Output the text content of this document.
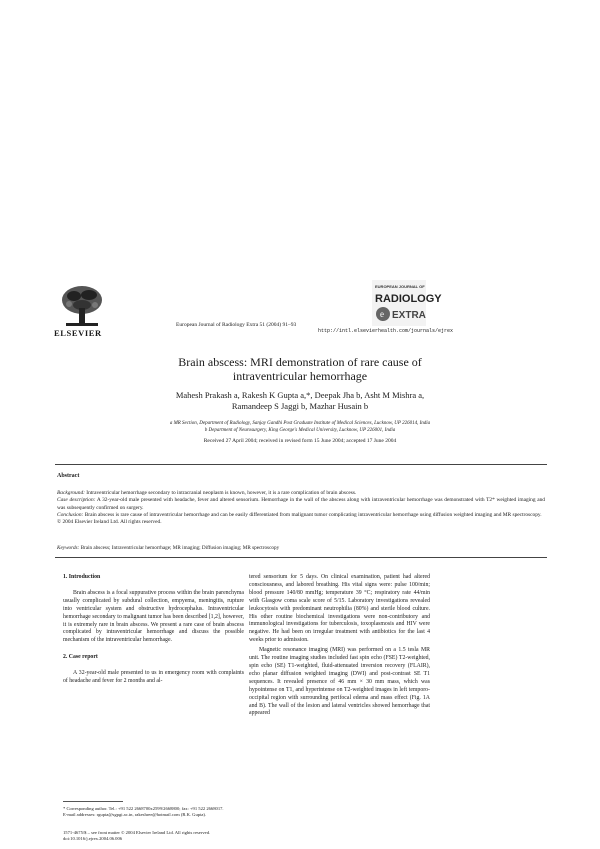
ELSEVIER
European Journal of Radiology Extra 51 (2004) 91–93
http://intl.elsevierhealth.com/journals/ejrex
EUROPEAN JOURNAL OF
RADIOLOGY
e EXTRA
Brain abscess: MRI demonstration of rare cause of
intraventricular hemorrhage
Mahesh Prakash a, Rakesh K Gupta a,*, Deepak Jha b, Asht M Mishra a,
Ramandeep S Jaggi b, Mazhar Husain b
a MR Section, Department of Radiology, Sanjay Gandhi Post Graduate Institute of Medical Sciences, Lucknow, UP 226014, India
b Department of Neurosurgery, King George's Medical University, Lucknow, UP 226001, India
Received 27 April 2004; received in revised form 15 June 2004; accepted 17 June 2004
Abstract
Background: Intraventricular hemorrhage secondary to intracranial neoplasm is known, however, it is a rare complication of brain abscess.
Case description: A 32-year-old male presented with headache, fever and altered sensorium. Hemorrhage in the wall of the abscess along with intraventricular hemorrhage was demonstrated with T2* weighted imaging and was subsequently confirmed on surgery.
Conclusion: Brain abscess is rare cause of intraventricular hemorrhage and can be easily differentiated from malignant tumor complicating intraventricular hemorrhage using diffusion weighted imaging and MR spectroscopy.
© 2004 Elsevier Ireland Ltd. All rights reserved.
Keywords: Brain abscess; Intraventricular hemorrhage; MR imaging; Diffusion imaging; MR spectroscopy
1. Introduction

Brain abscess is a focal suppurative process within the brain parenchyma usually complicated by subdural collection, empyema, meningitis, rupture into ventricular system and obstructive hydrocephalus. Intraventricular hemorrhage secondary to malignant tumor has been described [1,2], however, it is extremely rare in brain abscess. We present a rare case of brain abscess complicated by intraventricular hemorrhage and discuss the possible mechanism of the intraventricular hemorrhage.

2. Case report

A 32-year-old male presented to us in emergency room with complaints of headache and fever for 2 months and al-

tered sensorium for 5 days. On clinical examination, patient had altered consciousness, and labored breathing. His vital signs were: pulse 100/min; blood pressure 140/80 mmHg; temperature 39 °C; respiratory rate 44/min with Glasgow coma scale score of 5/15. Laboratory investigations revealed leukocytosis with predominant neutrophilia (80%) and sterile blood culture. His other routine biochemical investigations were non-contributory and immunological investigations for tuberculosis, toxoplasmosis and HIV were negative. He had been on irregular treatment with antibiotics for the last 4 weeks prior to admission.

Magnetic resonance imaging (MRI) was performed on a 1.5 tesla MR unit. The routine imaging studies included fast spin echo (FSE) T2-weighted, spin echo (SE) T1-weighted, fluid-attenuated inversion recovery (FLAIR), echo planar diffusion weighted imaging (DWI) and post-contrast SE T1 sequences. It revealed presence of 46 mm × 30 mm mass, which was hypointense on T1, and hyperintense on T2-weighted images in left temporo-occipital region with surrounding perifocal edema and mass effect (Fig. 1A and B). The wall of the lesion and lateral ventricles showed hemorrhage that appeared

* Corresponding author. Tel.: +91 522 2668700x2599/2668800; fax: +91 522 2668017.
E-mail addresses: rgupta@sgpgi.ac.in, rakeshree@hotmail.com (R.K. Gupta).
1571-4675/$ – see front matter © 2004 Elsevier Ireland Ltd. All rights reserved.
doi:10.1016/j.ejrex.2004.06.006
